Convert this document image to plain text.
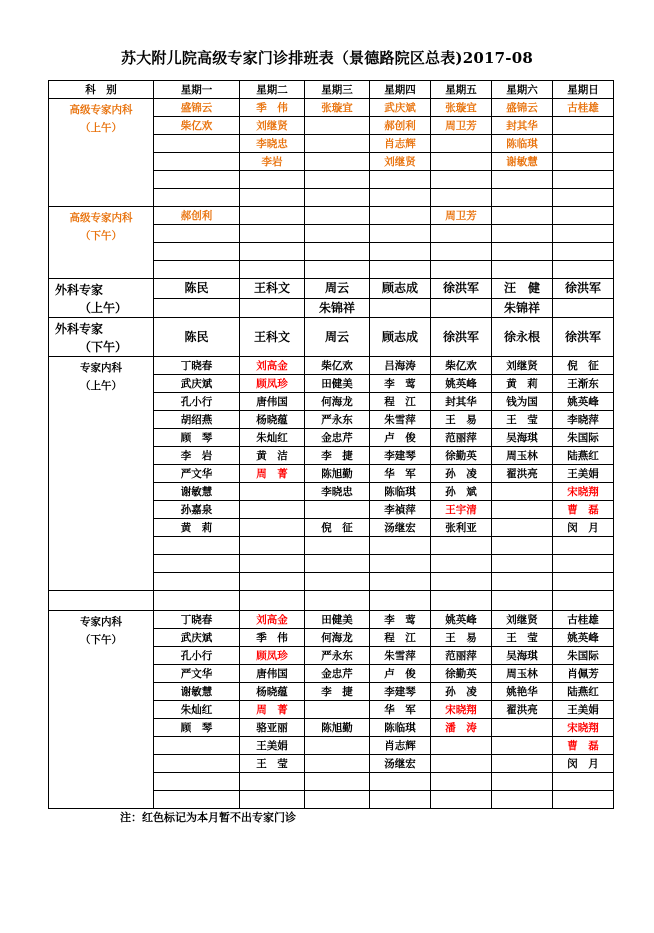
苏大附儿院高级专家门诊排班表（景德路院区总表)2017-08
科　别	星期一	星期二	星期三	星期四	星期五	星期六	星期日

高级专家内科
（上午）	盛锦云	季　伟	张璇宜	武庆斌	张璇宜	盛锦云	古桂雄
	柴亿欢	刘继贤		郝创利	周卫芳	封其华	
		李晓忠		肖志辉		陈临琪	
		李岩		刘继贤		谢敏慧	

高级专家内科
（下午）	郝创利				周卫芳		

外科专家
（上午）	陈民	王科文	周云	顾志成	徐洪军	汪　健	徐洪军
			朱锦祥			朱锦祥	

外科专家
（下午）	陈民	王科文	周云	顾志成	徐洪军	徐永根	徐洪军

专家内科
（上午）	丁晓春	刘高金	柴亿欢	吕海涛	柴亿欢	刘继贤	倪　征
	武庆斌	顾凤珍	田健美	李　莺	姚英峰	黄　莉	王渐东
	孔小行	唐伟国	何海龙	程　江	封其华	钱为国	姚英峰
	胡绍燕	杨晓蕴	严永东	朱雪萍	王　易	王　莹	李晓萍
	顾　琴	朱灿红	金忠芹	卢　俊	范丽萍	吴海琪	朱国际
	李　岩	黄　洁	李　捷	李建琴	徐勤英	周玉林	陆燕红
	严文华	周　菁	陈旭勤	华　军	孙　凌	翟洪亮	王美娟
	谢敏慧		李晓忠	陈临琪	孙　斌		宋晓翔
	孙嘉泉			李禎萍	王宇清		曹　磊
	黄　莉		倪　征	汤继宏	张利亚		闵　月

专家内科
（下午）	丁晓春	刘高金	田健美	李　莺	姚英峰	刘继贤	古桂雄
	武庆斌	季　伟	何海龙	程　江	王　易	王　莹	姚英峰
	孔小行	顾凤珍	严永东	朱雪萍	范丽萍	吴海琪	朱国际
	严文华	唐伟国	金忠芹	卢　俊	徐勤英	周玉林	肖佩芳
	谢敏慧	杨晓蕴	李　捷	李建琴	孙　凌	姚艳华	陆燕红
	朱灿红	周　菁		华　军	宋晓翔	翟洪亮	王美娟
	顾　琴	骆亚丽	陈旭勤	陈临琪	潘　涛		宋晓翔
		王美娟		肖志辉			曹　磊
		王　莹		汤继宏			闵　月

注：红色标记为本月暂不出专家门诊
